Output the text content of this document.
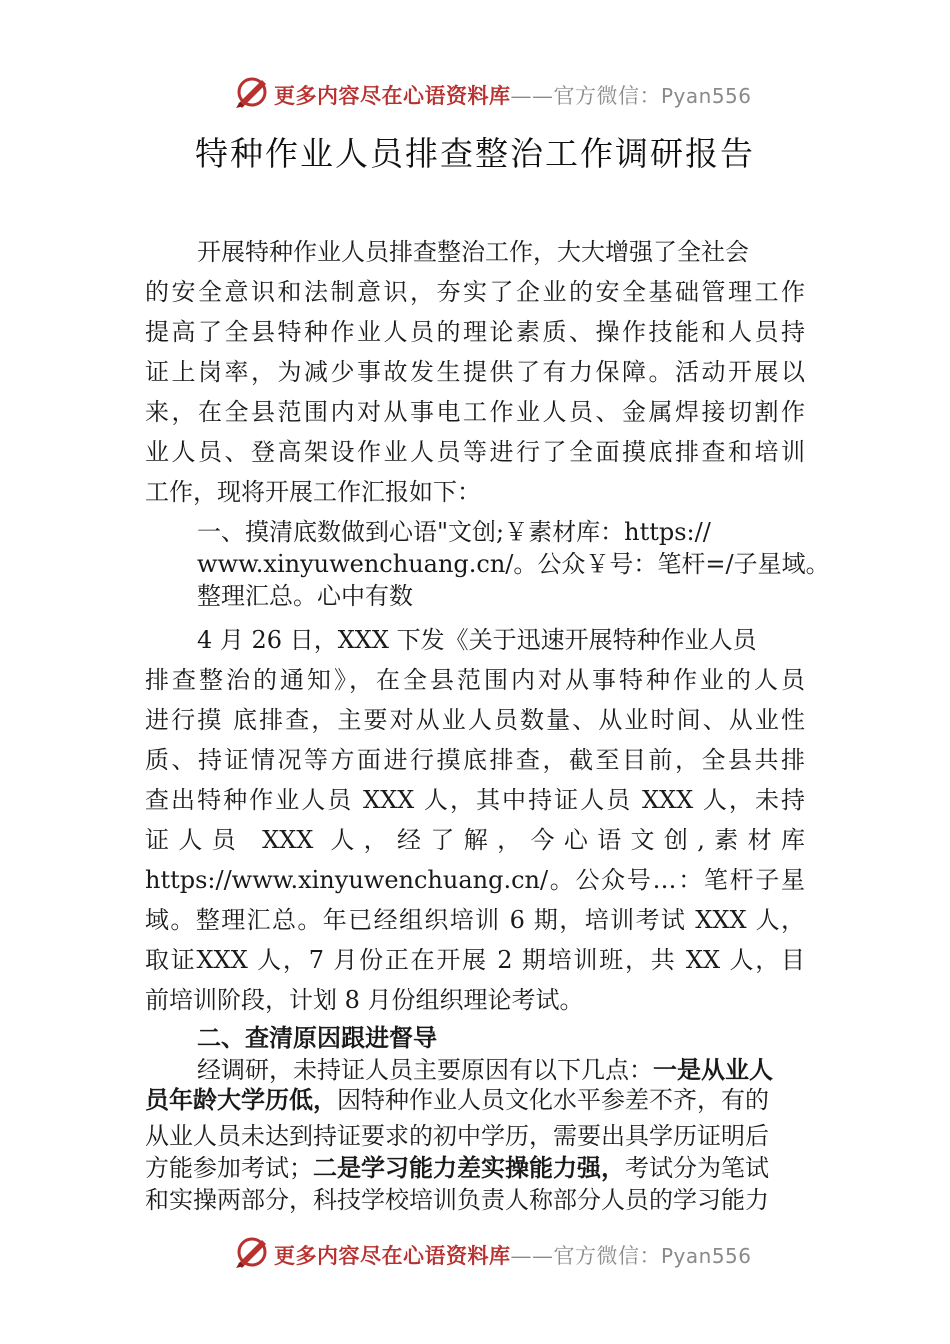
更多内容尽在心语资料库——官方微信：Pyan556
特种作业人员排查整治工作调研报告
开展特种作业人员排查整治工作，大大增强了全社会
的安全意识和法制意识，夯实了企业的安全基础管理工作
提高了全县特种作业人员的理论素质、操作技能和人员持
证上岗率，为减少事故发生提供了有力保障。活动开展以
来，在全县范围内对从事电工作业人员、金属焊接切割作
业人员、登高架设作业人员等进行了全面摸底排查和培训
工作，现将开展工作汇报如下：
一、摸清底数做到心语"文创;￥素材库：https://
www.xinyuwenchuang.cn/。公众￥号：笔杆=/子星域。
整理汇总。心中有数
4 月 26 日，XXX 下发《关于迅速开展特种作业人员
排查整治的通知》，在全县范围内对从事特种作业的人员
进行摸 底排查，主要对从业人员数量、从业时间、从业性
质、持证情况等方面进行摸底排查，截至目前，全县共排
查出特种作业人员 XXX 人，其中持证人员 XXX 人，未持
证人员 XXX 人，经了解，今心语文创,素材库
https://www.xinyuwenchuang.cn/。公众号…：笔杆子星
域。整理汇总。年已经组织培训 6 期，培训考试 XXX 人，
取证XXX 人，7 月份正在开展 2 期培训班，共 XX 人，目
前培训阶段，计划 8 月份组织理论考试。
二、查清原因跟进督导
经调研，未持证人员主要原因有以下几点：一是从业人
员年龄大学历低，因特种作业人员文化水平参差不齐，有的
从业人员未达到持证要求的初中学历，需要出具学历证明后
方能参加考试；二是学习能力差实操能力强，考试分为笔试
和实操两部分，科技学校培训负责人称部分人员的学习能力
更多内容尽在心语资料库——官方微信：Pyan556
